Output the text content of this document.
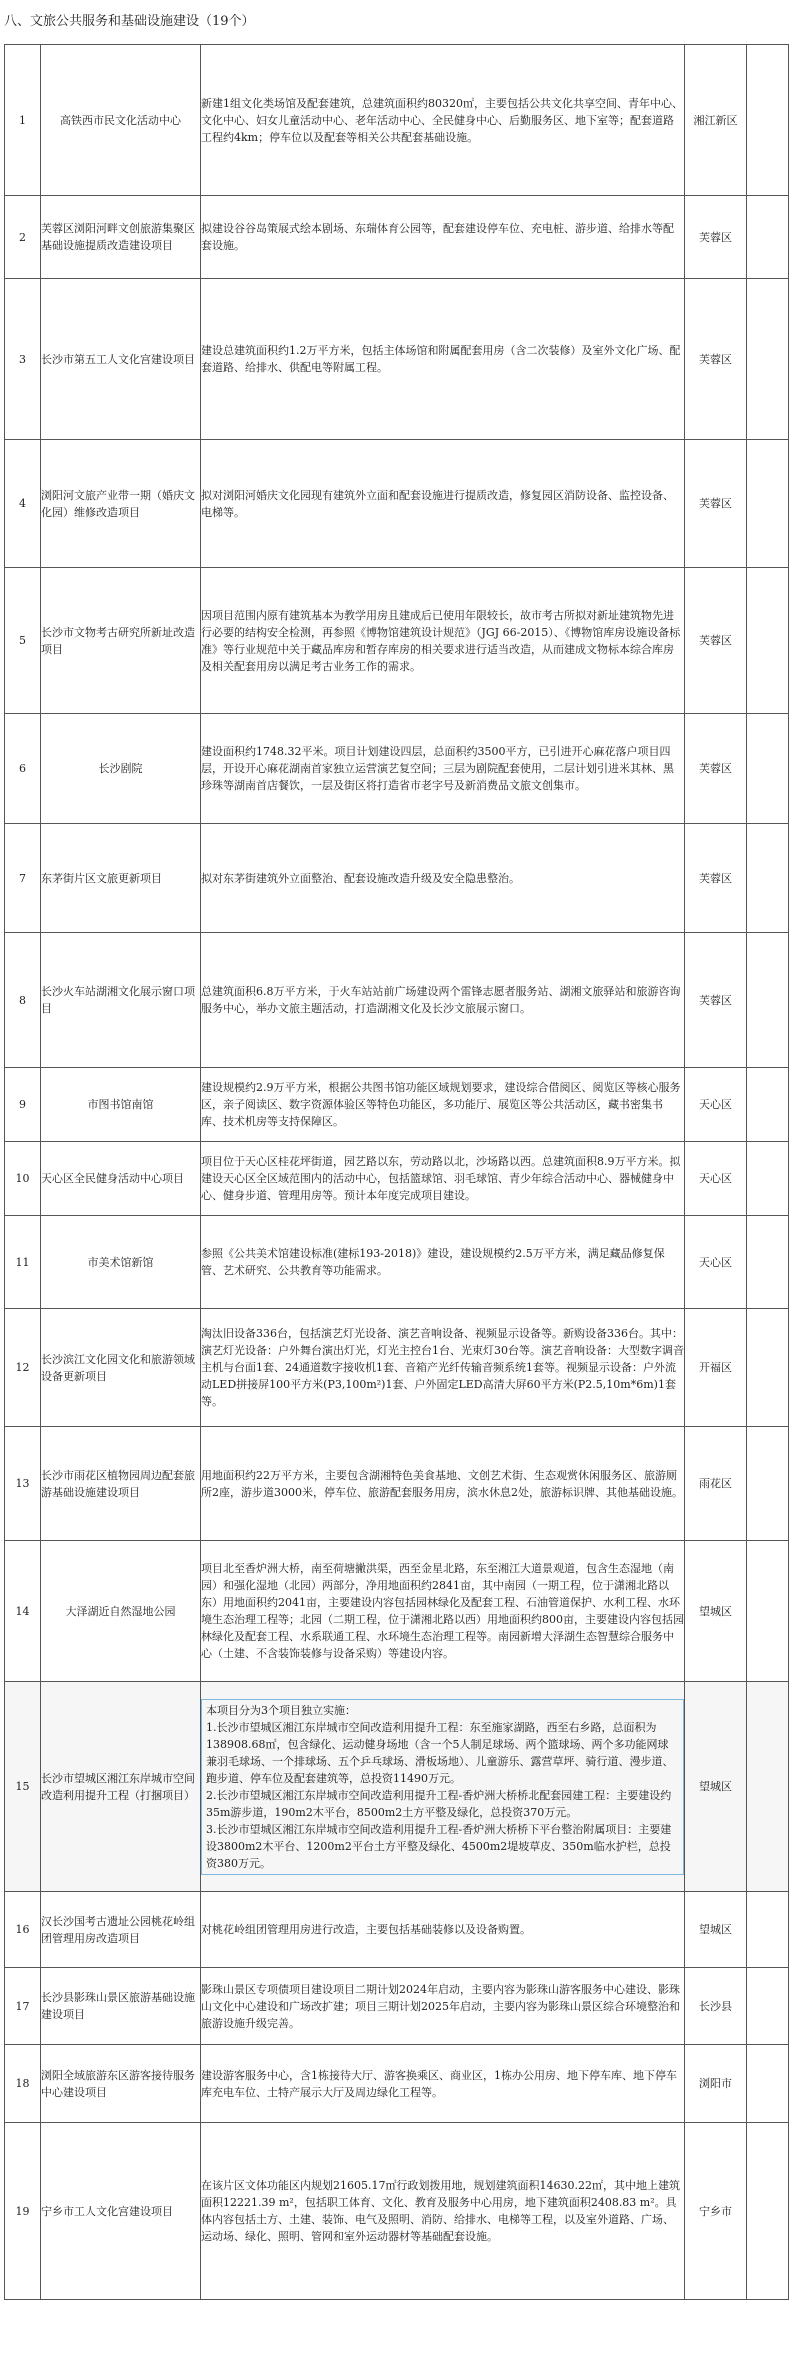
八、文旅公共服务和基础设施建设（19个）
1	高铁西市民文化活动中心	新建1组文化类场馆及配套建筑，总建筑面积约80320㎡，主要包括公共文化共享空间、青年中心、文化中心、妇女儿童活动中心、老年活动中心、全民健身中心、后勤服务区、地下室等；配套道路工程约4km；停车位以及配套等相关公共配套基础设施。	湘江新区	
2	芙蓉区浏阳河畔文创旅游集聚区基础设施提质改造建设项目	拟建设谷谷岛策展式绘本剧场、东瑞体育公园等，配套建设停车位、充电桩、游步道、给排水等配套设施。	芙蓉区	
3	长沙市第五工人文化宫建设项目	建设总建筑面积约1.2万平方米，包括主体场馆和附属配套用房（含二次装修）及室外文化广场、配套道路、给排水、供配电等附属工程。	芙蓉区	
4	浏阳河文旅产业带一期（婚庆文化园）维修改造项目	拟对浏阳河婚庆文化园现有建筑外立面和配套设施进行提质改造，修复园区消防设备、监控设备、电梯等。	芙蓉区	
5	长沙市文物考古研究所新址改造项目	因项目范围内原有建筑基本为教学用房且建成后已使用年限较长，故市考古所拟对新址建筑物先进行必要的结构安全检测，再参照《博物馆建筑设计规范》（JGJ 66-2015）、《博物馆库房设施设备标准》等行业规范中关于藏品库房和暂存库房的相关要求进行适当改造，从而建成文物标本综合库房及相关配套用房以满足考古业务工作的需求。	芙蓉区	
6	长沙剧院	建设面积约1748.32平米。项目计划建设四层，总面积约3500平方，已引进开心麻花落户项目四层，开设开心麻花湖南首家独立运营演艺复空间；三层为剧院配套使用，二层计划引进米其林、黑珍珠等湖南首店餐饮，一层及街区将打造省市老字号及新消费品文旅文创集市。	芙蓉区	
7	东茅街片区文旅更新项目	拟对东茅街建筑外立面整治、配套设施改造升级及安全隐患整治。	芙蓉区	
8	长沙火车站湖湘文化展示窗口项目	总建筑面积6.8万平方米，于火车站站前广场建设两个雷锋志愿者服务站、湖湘文旅驿站和旅游咨询服务中心，举办文旅主题活动，打造湖湘文化及长沙文旅展示窗口。	芙蓉区	
9	市图书馆南馆	建设规模约2.9万平方米，根据公共图书馆功能区域规划要求，建设综合借阅区、阅览区等核心服务区，亲子阅读区、数字资源体验区等特色功能区，多功能厅、展览区等公共活动区，藏书密集书库、技术机房等支持保障区。	天心区	
10	天心区全民健身活动中心项目	项目位于天心区桂花坪街道，园艺路以东，劳动路以北，沙场路以西。总建筑面积8.9万平方米。拟建设天心区全区域范围内的活动中心，包括篮球馆、羽毛球馆、青少年综合活动中心、器械健身中心、健身步道、管理用房等。预计本年度完成项目建设。	天心区	
11	市美术馆新馆	参照《公共美术馆建设标准(建标193-2018)》建设，建设规模约2.5万平方米，满足藏品修复保管、艺术研究、公共教育等功能需求。	天心区	
12	长沙滨江文化园文化和旅游领域设备更新项目	淘汰旧设备336台，包括演艺灯光设备、演艺音响设备、视频显示设备等。新购设备336台。其中：演艺灯光设备：户外舞台演出灯光，灯光主控台1台、光束灯30台等。演艺音响设备：大型数字调音主机与台面1套、24通道数字接收机1套、音箱产光纤传输音频系统1套等。视频显示设备：户外流动LED拼接屏100平方米(P3,100m²)1套、户外固定LED高清大屏60平方米(P2.5,10m*6m)1套等。	开福区	
13	长沙市雨花区植物园周边配套旅游基础设施建设项目	用地面积约22万平方米，主要包含湖湘特色美食基地、文创艺术街、生态观赏休闲服务区、旅游厕所2座，游步道3000米，停车位、旅游配套服务用房，滨水休息2处，旅游标识牌、其他基础设施。	雨花区	
14	大泽湖近自然湿地公园	项目北至香炉洲大桥，南至荷塘撇洪渠，西至金星北路，东至湘江大道景观道，包含生态湿地（南园）和强化湿地（北园）两部分，净用地面积约2841亩，其中南园（一期工程，位于潇湘北路以东）用地面积约2041亩，主要建设内容包括园林绿化及配套工程、石油管道保护、水利工程、水环境生态治理工程等；北园（二期工程，位于潇湘北路以西）用地面积约800亩，主要建设内容包括园林绿化及配套工程、水系联通工程、水环境生态治理工程等。南园新增大泽湖生态智慧综合服务中心（土建、不含装饰装修与设备采购）等建设内容。	望城区	
15	长沙市望城区湘江东岸城市空间改造利用提升工程（打捆项目）	本项目分为3个项目独立实施：

1.长沙市望城区湘江东岸城市空间改造利用提升工程：东至施家湖路，西至右乡路，总面积为138908.68㎡，包含绿化、运动健身场地（含一个5人制足球场、两个篮球场、两个多功能网球兼羽毛球场、一个排球场、五个乒乓球场、滑板场地）、儿童游乐、露营草坪、骑行道、漫步道、跑步道、停车位及配套建筑等，总投资11490万元。

2.长沙市望城区湘江东岸城市空间改造利用提升工程-香炉洲大桥桥北配套园建工程：主要建设约35m游步道，190m2木平台，8500m2土方平整及绿化，总投资370万元。

3.长沙市望城区湘江东岸城市空间改造利用提升工程-香炉洲大桥桥下平台整治附属项目：主要建设3800m2木平台、1200m2平台土方平整及绿化、4500m2堤坡草皮、350m临水护栏，总投资380万元。	望城区	
16	汉长沙国考古遗址公园桃花岭组团管理用房改造项目	对桃花岭组团管理用房进行改造，主要包括基础装修以及设备购置。	望城区	
17	长沙县影珠山景区旅游基础设施建设项目	影珠山景区专项债项目建设项目二期计划2024年启动，主要内容为影珠山游客服务中心建设、影珠山文化中心建设和广场改扩建；项目三期计划2025年启动，主要内容为影珠山景区综合环境整治和旅游设施升级完善。	长沙县	
18	浏阳全域旅游东区游客接待服务中心建设项目	建设游客服务中心，含1栋接待大厅、游客换乘区、商业区，1栋办公用房、地下停车库、地下停车库充电车位、土特产展示大厅及周边绿化工程等。	浏阳市	
19	宁乡市工人文化宫建设项目	在该片区文体功能区内规划21605.17㎡行政划拨用地，规划建筑面积14630.22㎡，其中地上建筑面积12221.39 m²，包括职工体育、文化、教育及服务中心用房，地下建筑面积2408.83 m²。具体内容包括土方、土建、装饰、电气及照明、消防、给排水、电梯等工程，以及室外道路、广场、运动场、绿化、照明、管网和室外运动器材等基础配套设施。	宁乡市	
